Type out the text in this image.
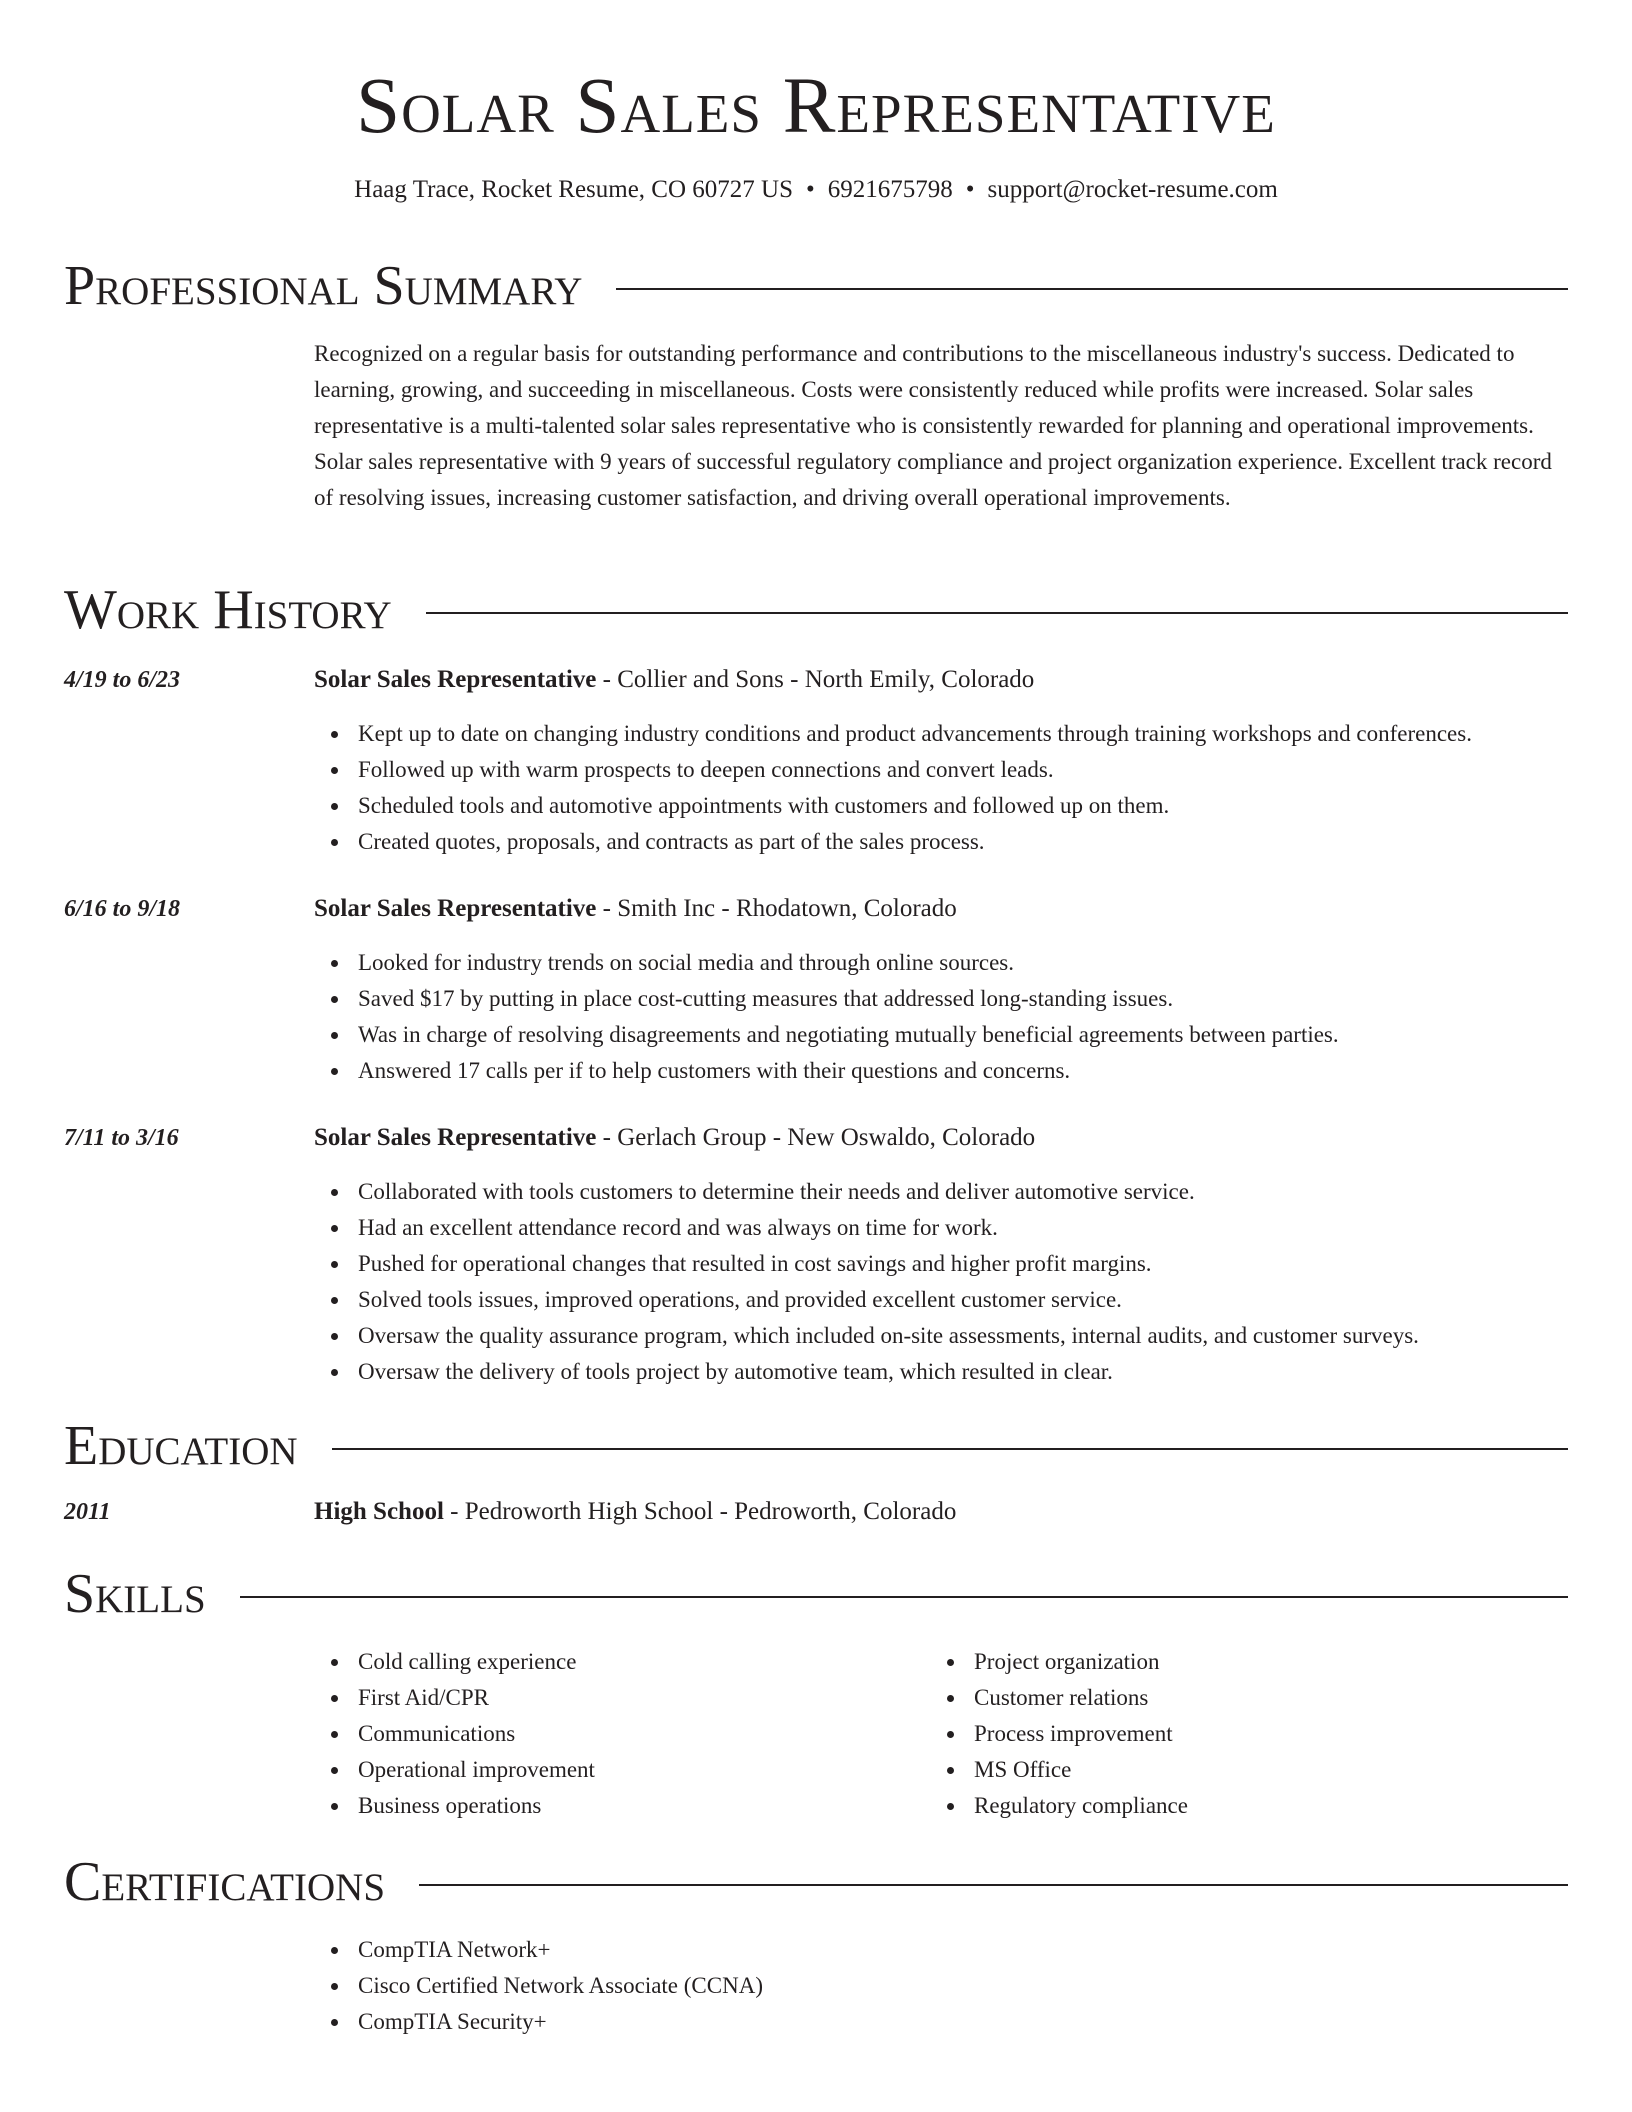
Solar Sales Representative
Haag Trace, Rocket Resume, CO 60727 US • 6921675798 • support@rocket-resume.com
Professional Summary
Recognized on a regular basis for outstanding performance and contributions to the miscellaneous industry's success. Dedicated to learning, growing, and succeeding in miscellaneous. Costs were consistently reduced while profits were increased. Solar sales representative is a multi-talented solar sales representative who is consistently rewarded for planning and operational improvements. Solar sales representative with 9 years of successful regulatory compliance and project organization experience. Excellent track record of resolving issues, increasing customer satisfaction, and driving overall operational improvements.
Work History
4/19 to 6/23	Solar Sales Representative - Collier and Sons - North Emily, Colorado
Kept up to date on changing industry conditions and product advancements through training workshops and conferences.
Followed up with warm prospects to deepen connections and convert leads.
Scheduled tools and automotive appointments with customers and followed up on them.
Created quotes, proposals, and contracts as part of the sales process.
6/16 to 9/18	Solar Sales Representative - Smith Inc - Rhodatown, Colorado
Looked for industry trends on social media and through online sources.
Saved $17 by putting in place cost-cutting measures that addressed long-standing issues.
Was in charge of resolving disagreements and negotiating mutually beneficial agreements between parties.
Answered 17 calls per if to help customers with their questions and concerns.
7/11 to 3/16	Solar Sales Representative - Gerlach Group - New Oswaldo, Colorado
Collaborated with tools customers to determine their needs and deliver automotive service.
Had an excellent attendance record and was always on time for work.
Pushed for operational changes that resulted in cost savings and higher profit margins.
Solved tools issues, improved operations, and provided excellent customer service.
Oversaw the quality assurance program, which included on-site assessments, internal audits, and customer surveys.
Oversaw the delivery of tools project by automotive team, which resulted in clear.
Education
2011	High School - Pedroworth High School - Pedroworth, Colorado
Skills
Cold calling experience
First Aid/CPR
Communications
Operational improvement
Business operations
Project organization
Customer relations
Process improvement
MS Office
Regulatory compliance
Certifications
CompTIA Network+
Cisco Certified Network Associate (CCNA)
CompTIA Security+
